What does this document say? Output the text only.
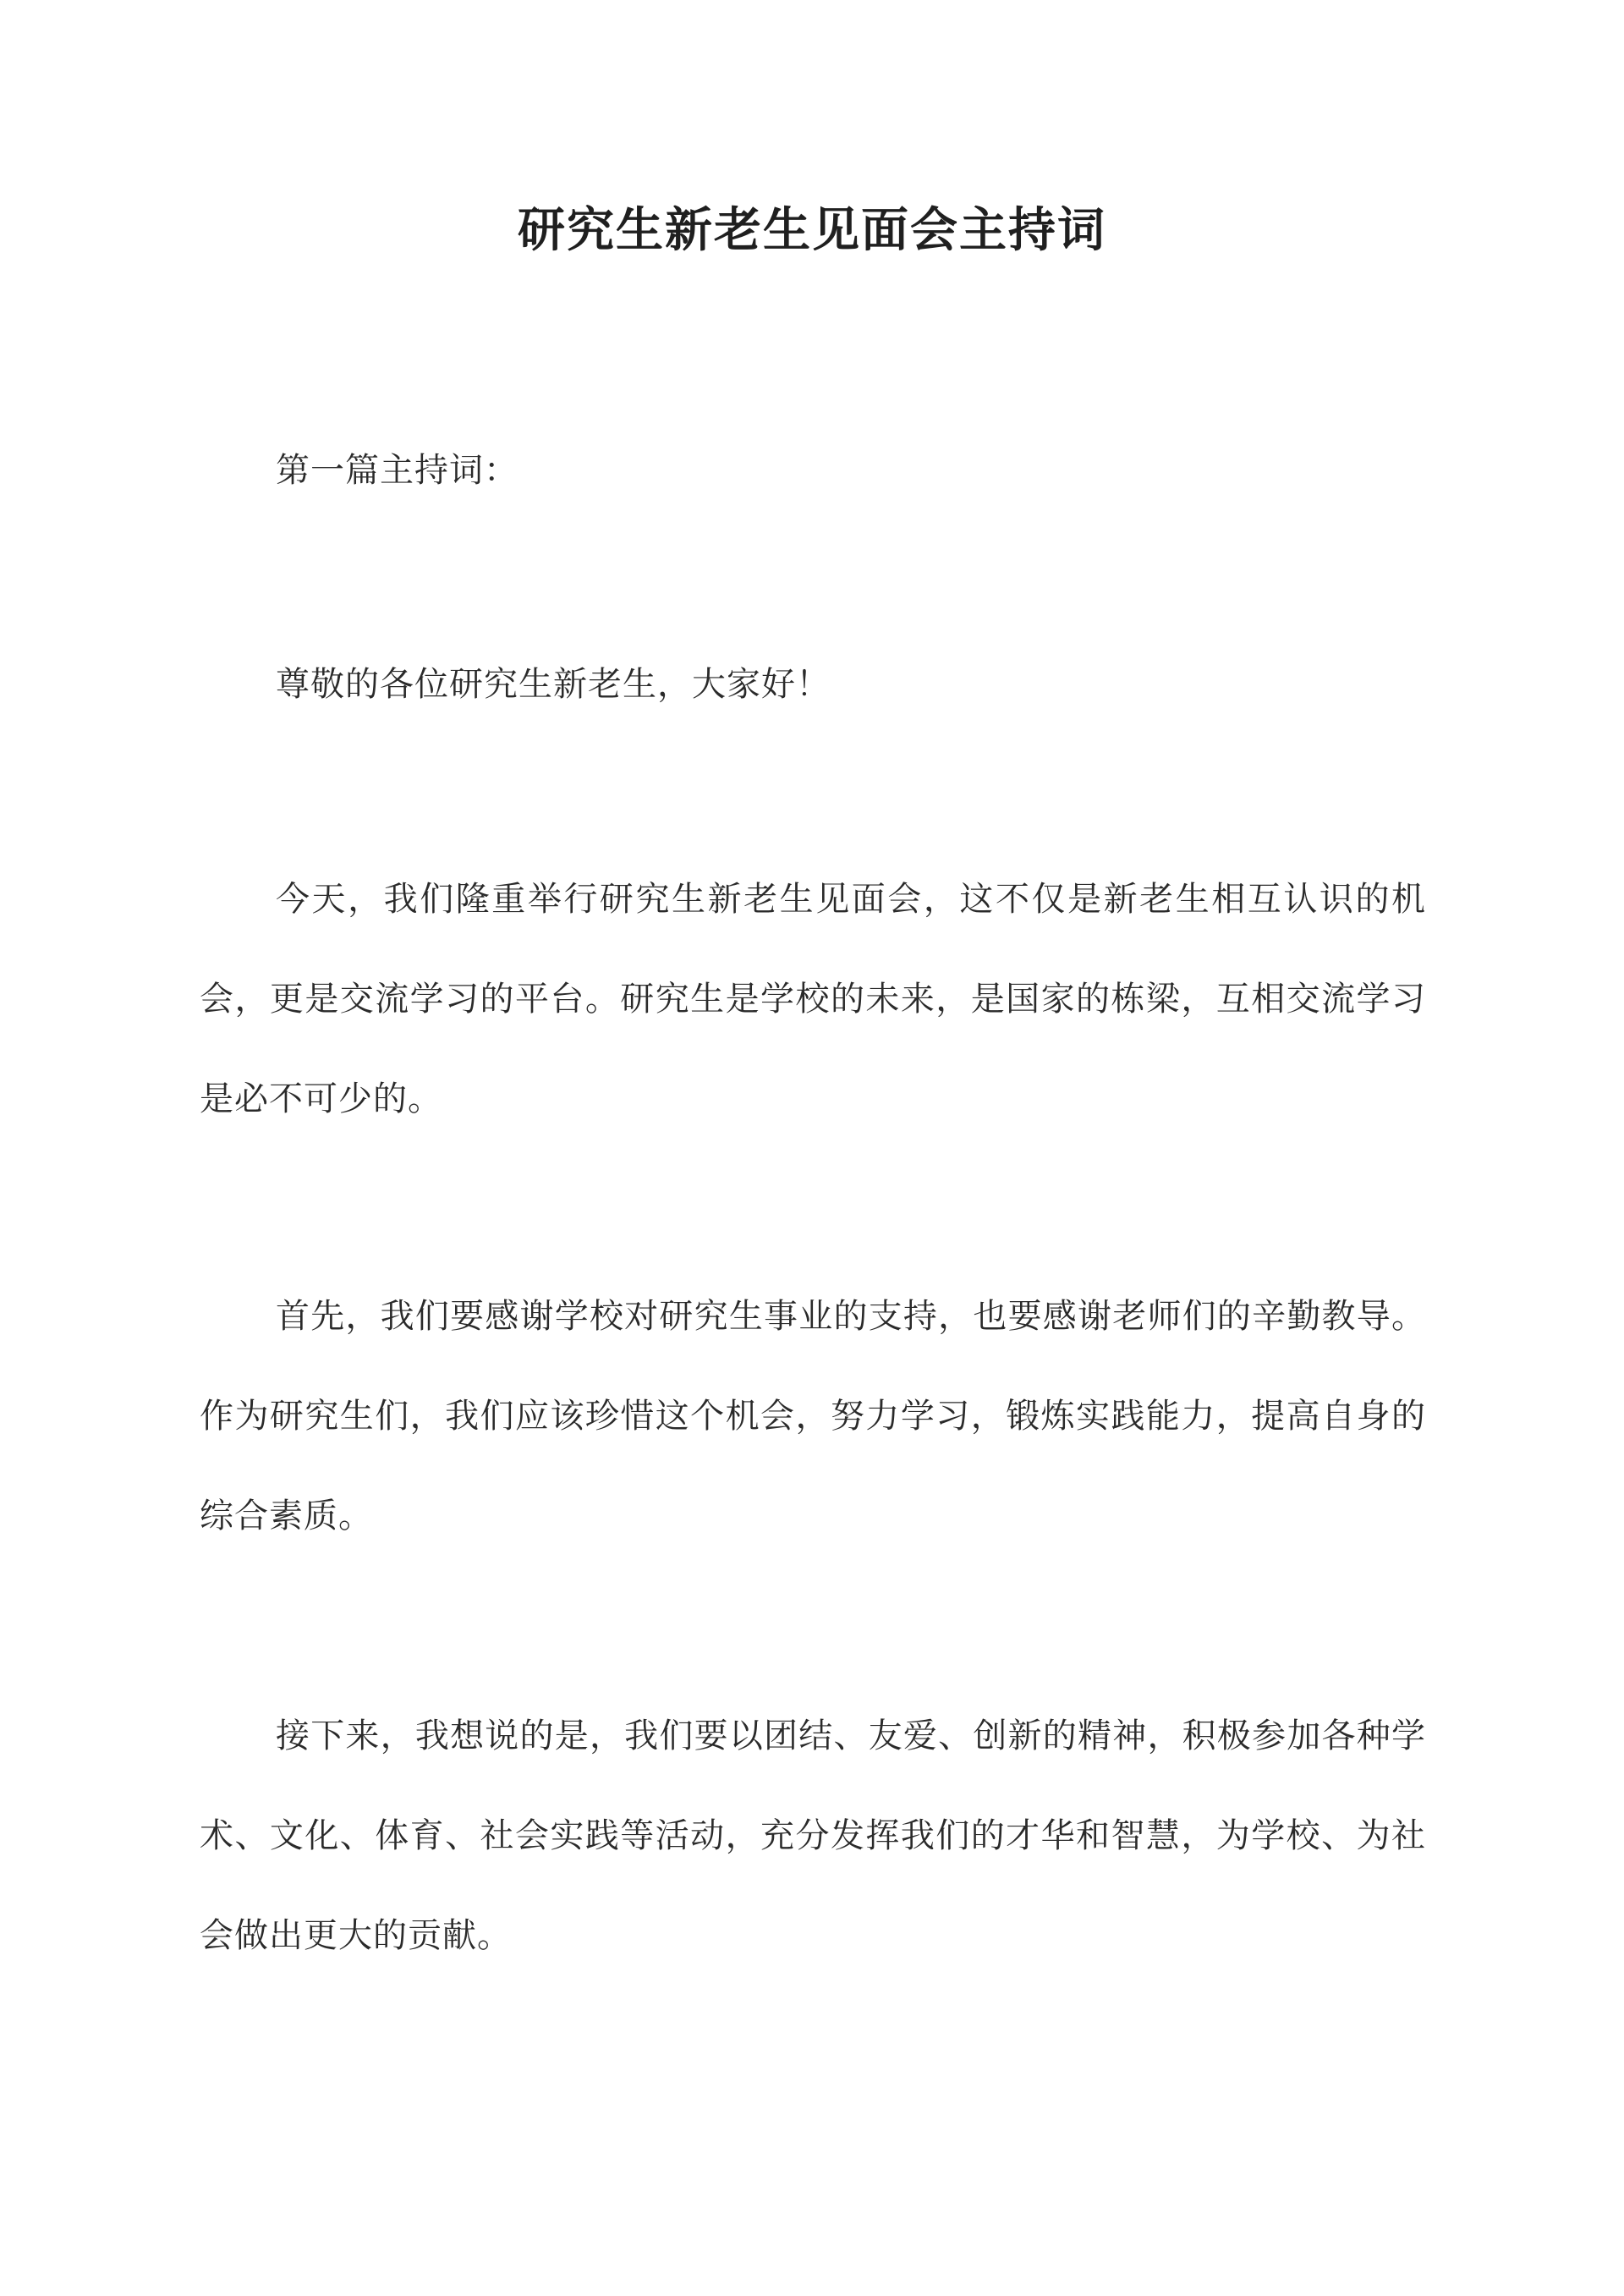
研究生新老生见面会主持词

第一篇主持词：

尊敬的各位研究生新老生，大家好！

今天，我们隆重举行研究生新老生见面会，这不仅是新老生相互认识的机会，更是交流学习的平台。研究生是学校的未来，是国家的栋梁，互相交流学习是必不可少的。

首先，我们要感谢学校对研究生事业的支持，也要感谢老师们的辛勤教导。作为研究生们，我们应该珍惜这个机会，努力学习，锻炼实践能力，提高自身的综合素质。

接下来，我想说的是，我们要以团结、友爱、创新的精神，积极参加各种学术、文化、体育、社会实践等活动，充分发挥我们的才华和智慧，为学校、为社会做出更大的贡献。
